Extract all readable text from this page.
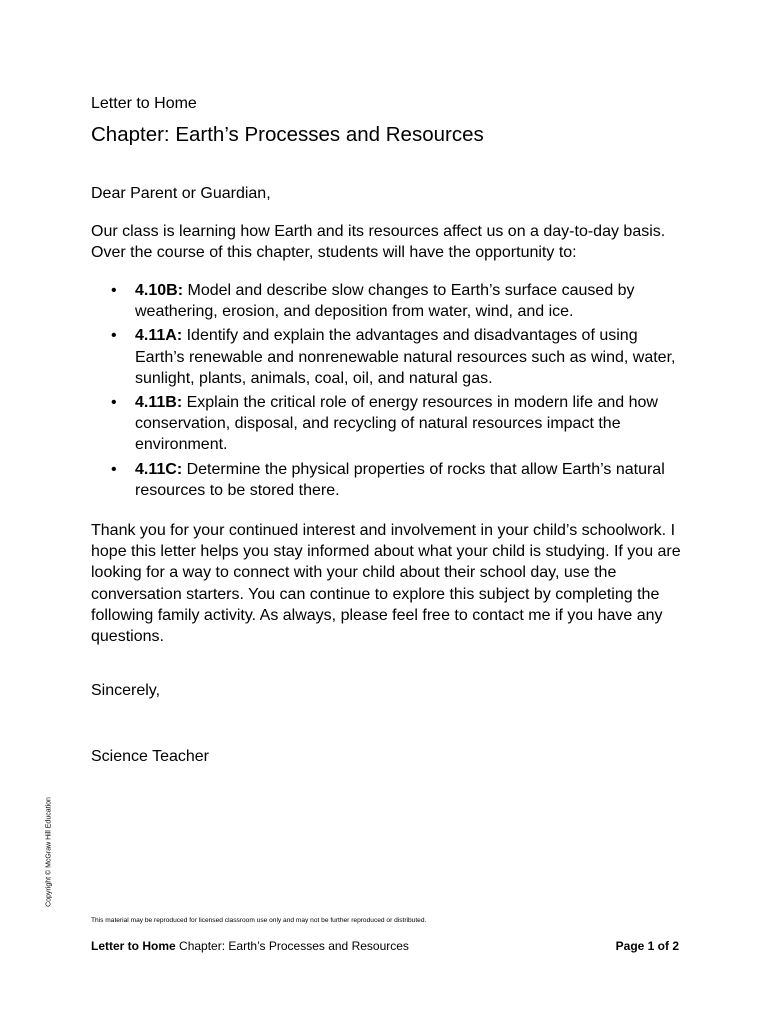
Letter to Home
Chapter: Earth’s Processes and Resources
Dear Parent or Guardian,

Our class is learning how Earth and its resources affect us on a day-to-day basis. Over the course of this chapter, students will have the opportunity to:

• 4.10B: Model and describe slow changes to Earth’s surface caused by weathering, erosion, and deposition from water, wind, and ice.
• 4.11A: Identify and explain the advantages and disadvantages of using Earth’s renewable and nonrenewable natural resources such as wind, water, sunlight, plants, animals, coal, oil, and natural gas.
• 4.11B: Explain the critical role of energy resources in modern life and how conservation, disposal, and recycling of natural resources impact the environment.
• 4.11C: Determine the physical properties of rocks that allow Earth’s natural resources to be stored there.

Thank you for your continued interest and involvement in your child’s schoolwork. I hope this letter helps you stay informed about what your child is studying. If you are looking for a way to connect with your child about their school day, use the conversation starters. You can continue to explore this subject by completing the following family activity. As always, please feel free to contact me if you have any questions.

Sincerely,
Science Teacher
Copyright © McGraw Hill Education
This material may be reproduced for licensed classroom use only and may not be further reproduced or distributed.
Letter to Home Chapter: Earth’s Processes and Resources	Page 1 of 2
